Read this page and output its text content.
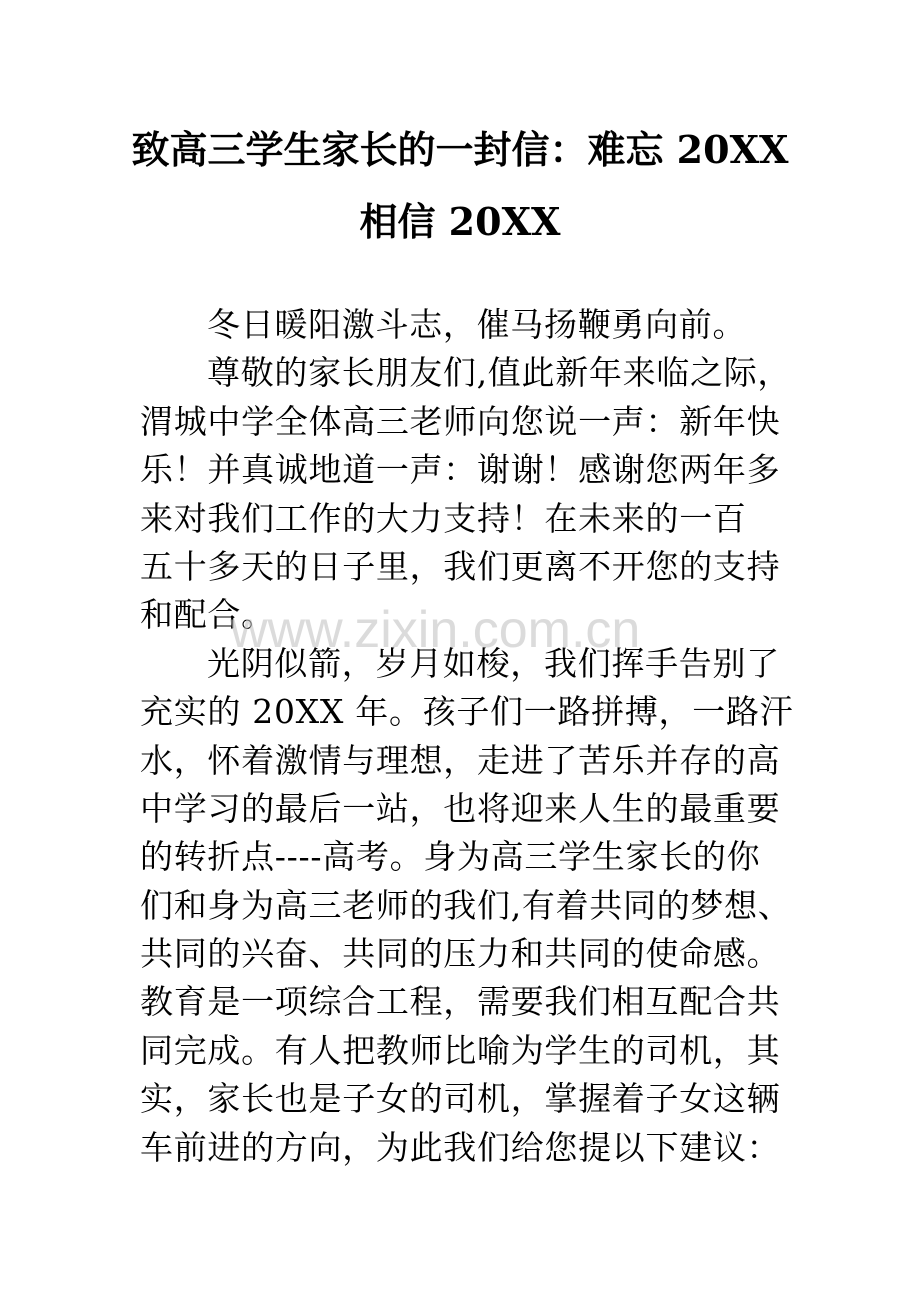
致高三学生家长的一封信：难忘 20XX
相信 20XX
冬日暖阳激斗志，催马扬鞭勇向前。
尊敬的家长朋友们,值此新年来临之际，
渭城中学全体高三老师向您说一声：新年快
乐！并真诚地道一声：谢谢！感谢您两年多
来对我们工作的大力支持！在未来的一百
五十多天的日子里，我们更离不开您的支持
和配合。
光阴似箭，岁月如梭，我们挥手告别了
充实的 20XX 年。孩子们一路拼搏，一路汗
水，怀着激情与理想，走进了苦乐并存的高
中学习的最后一站，也将迎来人生的最重要
的转折点----高考。身为高三学生家长的你
们和身为高三老师的我们,有着共同的梦想、
共同的兴奋、共同的压力和共同的使命感。
教育是一项综合工程，需要我们相互配合共
同完成。有人把教师比喻为学生的司机，其
实，家长也是子女的司机，掌握着子女这辆
车前进的方向，为此我们给您提以下建议：
www.zixin.com.cn
